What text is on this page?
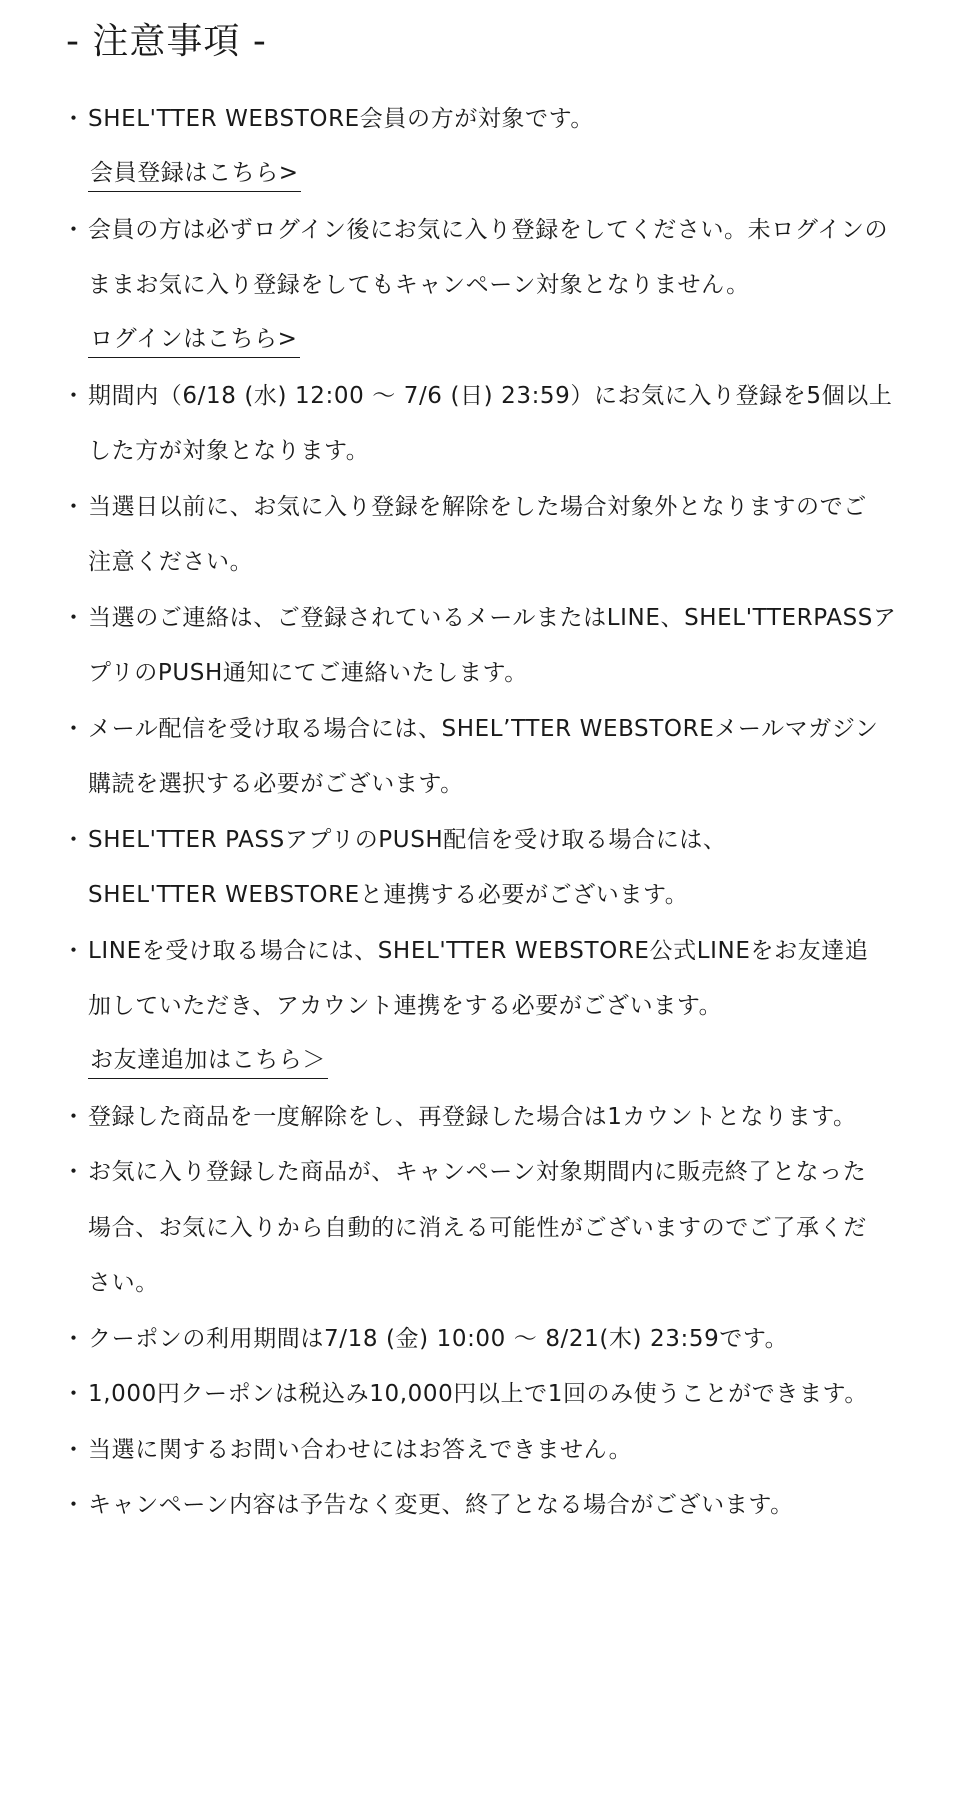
- 注意事項 -
・ SHEL'TTER WEBSTORE会員の方が対象です。
会員登録はこちら>
・ 会員の方は必ずログイン後にお気に入り登録をしてください。未ログインの
ままお気に入り登録をしてもキャンペーン対象となりません。
ログインはこちら>
・ 期間内（6/18 (水) 12:00 〜 7/6 (日) 23:59）にお気に入り登録を5個以上
した方が対象となります。
・ 当選日以前に、お気に入り登録を解除をした場合対象外となりますのでご
注意ください。
・ 当選のご連絡は、ご登録されているメールまたはLINE、SHEL'TTERPASSア
プリのPUSH通知にてご連絡いたします。
・ メール配信を受け取る場合には、SHEL’TTER WEBSTOREメールマガジン
購読を選択する必要がございます。
・ SHEL'TTER PASSアプリのPUSH配信を受け取る場合には、
SHEL'TTER WEBSTOREと連携する必要がございます。
・ LINEを受け取る場合には、SHEL'TTER WEBSTORE公式LINEをお友達追
加していただき、アカウント連携をする必要がございます。
お友達追加はこちら＞
・ 登録した商品を一度解除をし、再登録した場合は1カウントとなります。
・ お気に入り登録した商品が、キャンペーン対象期間内に販売終了となった
場合、お気に入りから自動的に消える可能性がございますのでご了承くだ
さい。
・ クーポンの利用期間は7/18 (金) 10:00 〜 8/21(木) 23:59です。
・ 1,000円クーポンは税込み10,000円以上で1回のみ使うことができます。
・ 当選に関するお問い合わせにはお答えできません。
・ キャンペーン内容は予告なく変更、終了となる場合がございます。
